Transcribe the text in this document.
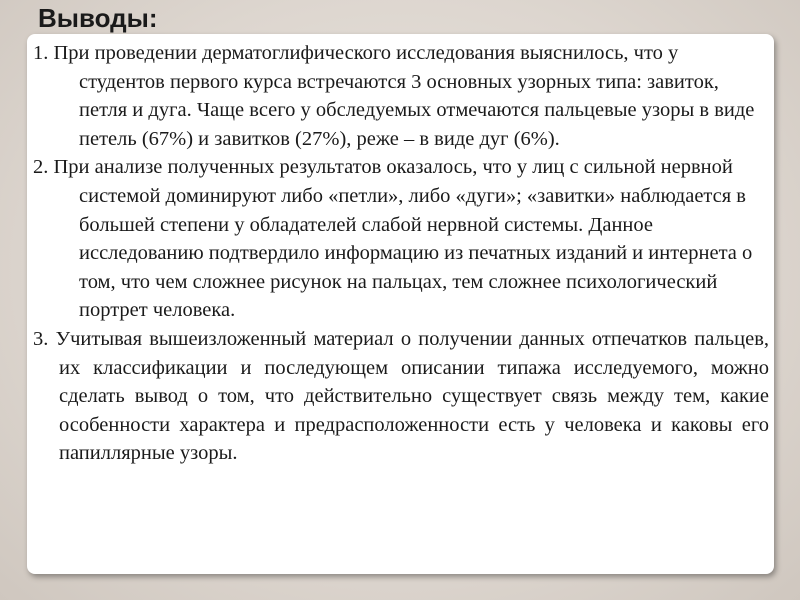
Выводы:
1. При проведении дерматоглифического исследования выяснилось, что у студентов первого курса встречаются 3 основных узорных типа: завиток, петля и дуга. Чаще всего у обследуемых отмечаются пальцевые узоры в виде петель (67%) и завитков (27%), реже – в виде дуг (6%).
2. При анализе полученных результатов оказалось, что у лиц с сильной нервной системой доминируют либо «петли», либо «дуги»; «завитки» наблюдается в большей степени у обладателей слабой нервной системы. Данное исследованию подтвердило информацию из печатных изданий и интернета о том, что чем сложнее рисунок на пальцах, тем сложнее психологический портрет человека.
3. Учитывая вышеизложенный материал о получении данных отпечатков пальцев, их классификации и последующем описании типажа исследуемого, можно сделать вывод о том, что действительно существует связь между тем, какие особенности характера и предрасположенности есть у человека и каковы его папиллярные узоры.
